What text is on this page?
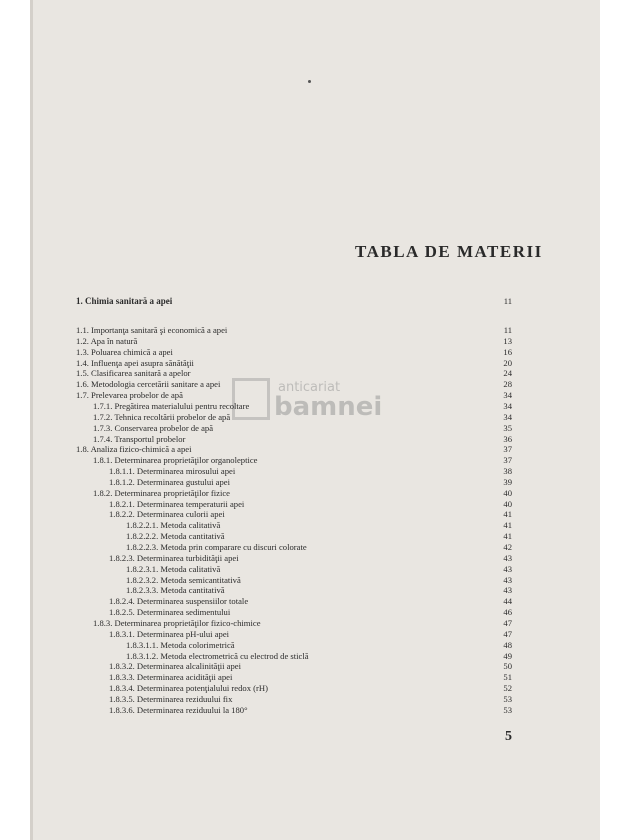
TABLA DE MATERII
anticariat
bamnei
1. Chimia sanitară a apei	11
1.1. Importanţa sanitară şi economică a apei	11
1.2. Apa în natură	13
1.3. Poluarea chimică a apei	16
1.4. Influenţa apei asupra sănătăţii	20
1.5. Clasificarea sanitară a apelor	24
1.6. Metodologia cercetării sanitare a apei	28
1.7. Prelevarea probelor de apă	34
1.7.1. Pregătirea materialului pentru recoltare	34
1.7.2. Tehnica recoltării probelor de apă	34
1.7.3. Conservarea probelor de apă	35
1.7.4. Transportul probelor	36
1.8. Analiza fizico-chimică a apei	37
1.8.1. Determinarea proprietăţilor organoleptice	37
1.8.1.1. Determinarea mirosului apei	38
1.8.1.2. Determinarea gustului apei	39
1.8.2. Determinarea proprietăţilor fizice	40
1.8.2.1. Determinarea temperaturii apei	40
1.8.2.2. Determinarea culorii apei	41
1.8.2.2.1. Metoda calitativă	41
1.8.2.2.2. Metoda cantitativă	41
1.8.2.2.3. Metoda prin comparare cu discuri colorate	42
1.8.2.3. Determinarea turbidităţii apei	43
1.8.2.3.1. Metoda calitativă	43
1.8.2.3.2. Metoda semicantitativă	43
1.8.2.3.3. Metoda cantitativă	43
1.8.2.4. Determinarea suspensiilor totale	44
1.8.2.5. Determinarea sedimentului	46
1.8.3. Determinarea proprietăţilor fizico-chimice	47
1.8.3.1. Determinarea pH-ului apei	47
1.8.3.1.1. Metoda colorimetrică	48
1.8.3.1.2. Metoda electrometrică cu electrod de sticlă	49
1.8.3.2. Determinarea alcalinităţii apei	50
1.8.3.3. Determinarea acidităţii apei	51
1.8.3.4. Determinarea potenţialului redox (rH)	52
1.8.3.5. Determinarea reziduului fix	53
1.8.3.6. Determinarea reziduului la 180°	53
5
